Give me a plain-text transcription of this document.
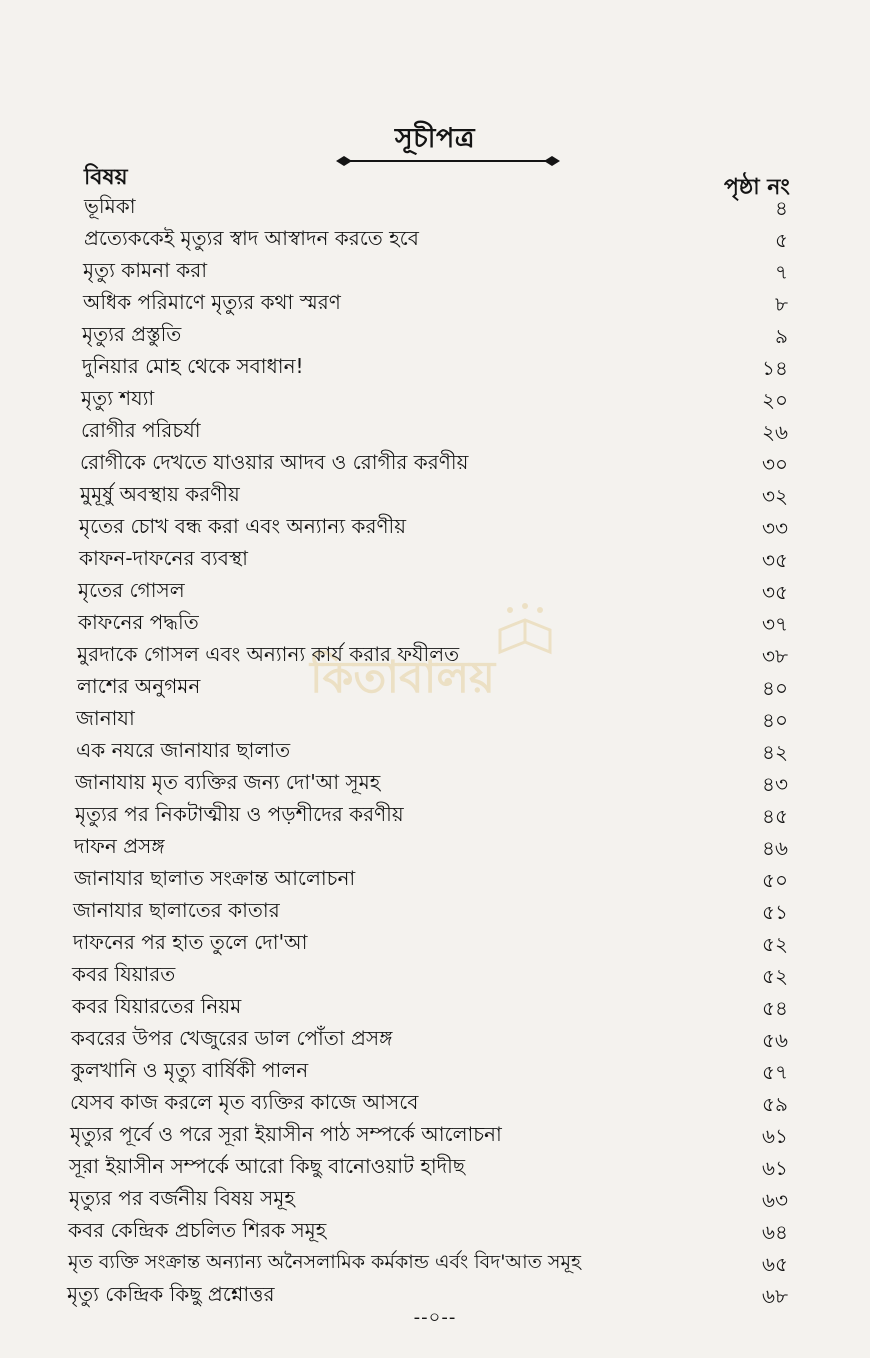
কিতাবালয়
সূচীপত্র
বিষয়	পৃষ্ঠা নং
ভূমিকা	৪
প্রত্যেককেই মৃত্যুর স্বাদ আস্বাদন করতে হবে	৫
মৃত্যু কামনা করা	৭
অধিক পরিমাণে মৃত্যুর কথা স্মরণ	৮
মৃত্যুর প্রস্তুতি	৯
দুনিয়ার মোহ থেকে সবাধান!	১৪
মৃত্যু শয্যা	২০
রোগীর পরিচর্যা	২৬
রোগীকে দেখতে যাওয়ার আদব ও রোগীর করণীয়	৩০
মুমূর্ষু অবস্থায় করণীয়	৩২
মৃতের চোখ বন্ধ করা এবং অন্যান্য করণীয়	৩৩
কাফন-দাফনের ব্যবস্থা	৩৫
মৃতের গোসল	৩৫
কাফনের পদ্ধতি	৩৭
মুরদাকে গোসল এবং অন্যান্য কার্য করার ফযীলত	৩৮
লাশের অনুগমন	৪০
জানাযা	৪০
এক নযরে জানাযার ছালাত	৪২
জানাযায় মৃত ব্যক্তির জন্য দো'আ সূমহ	৪৩
মৃত্যুর পর নিকটাত্মীয় ও পড়শীদের করণীয়	৪৫
দাফন প্রসঙ্গ	৪৬
জানাযার ছালাত সংক্রান্ত আলোচনা	৫০
জানাযার ছালাতের কাতার	৫১
দাফনের পর হাত তুলে দো'আ	৫২
কবর যিয়ারত	৫২
কবর যিয়ারতের নিয়ম	৫৪
কবরের উপর খেজুরের ডাল পোঁতা প্রসঙ্গ	৫৬
কুলখানি ও মৃত্যু বার্ষিকী পালন	৫৭
যেসব কাজ করলে মৃত ব্যক্তির কাজে আসবে	৫৯
মৃত্যুর পূর্বে ও পরে সূরা ইয়াসীন পাঠ সম্পর্কে আলোচনা	৬১
সূরা ইয়াসীন সম্পর্কে আরো কিছু বানোওয়াট হাদীছ	৬১
মৃত্যুর পর বর্জনীয় বিষয় সমূহ	৬৩
কবর কেন্দ্রিক প্রচলিত শিরক সমূহ	৬৪
মৃত ব্যক্তি সংক্রান্ত অন্যান্য অনৈসলামিক কর্মকান্ড এর্বং বিদ'আত সমূহ	৬৫
মৃত্যু কেন্দ্রিক কিছু প্রশ্নোত্তর	৬৮
--০--
